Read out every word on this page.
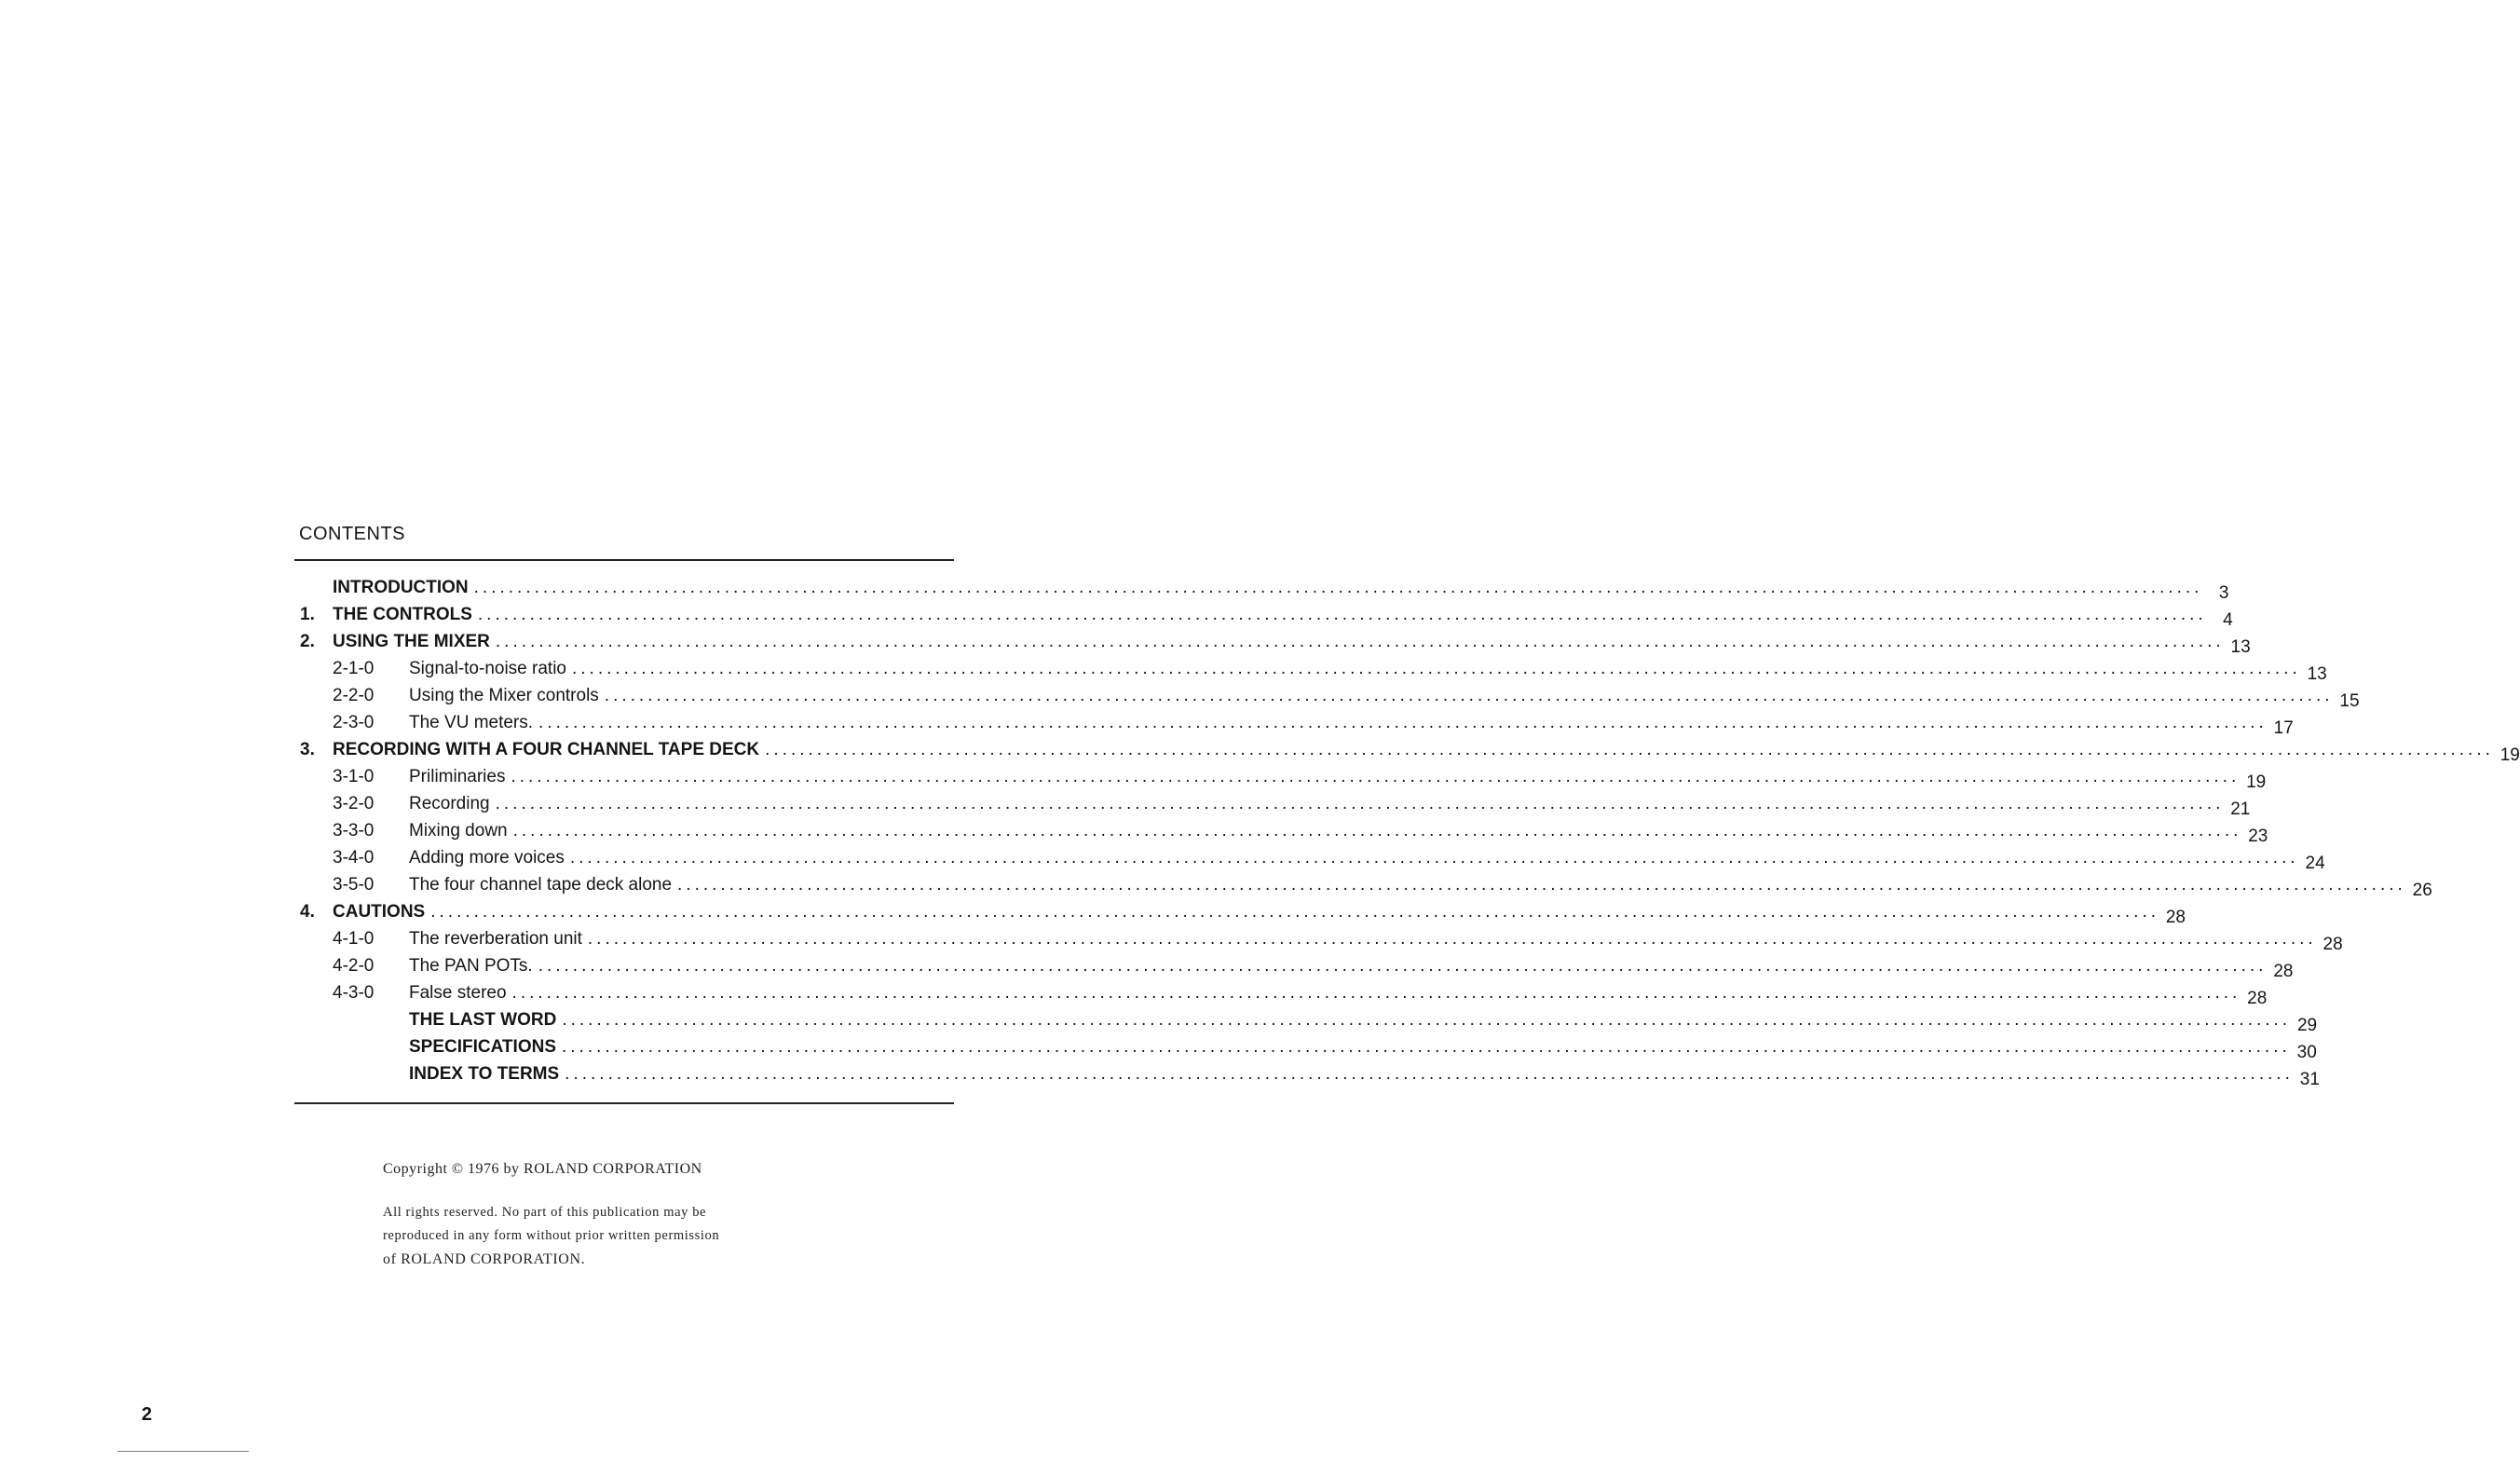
CONTENTS
INTRODUCTION ........................................................................................................................................................................................................ 3
1. THE CONTROLS ........................................................................................................................................................................................................ 4
2. USING THE MIXER ........................................................................................................................................................................................................ 13
2-1-0 Signal-to-noise ratio ........................................................................................................................................................................................................ 13
2-2-0 Using the Mixer controls ........................................................................................................................................................................................................ 15
2-3-0 The VU meters. ........................................................................................................................................................................................................ 17
3. RECORDING WITH A FOUR CHANNEL TAPE DECK ........................................................................................................................................................................................................ 19
3-1-0 Priliminaries ........................................................................................................................................................................................................ 19
3-2-0 Recording ........................................................................................................................................................................................................ 21
3-3-0 Mixing down ........................................................................................................................................................................................................ 23
3-4-0 Adding more voices ........................................................................................................................................................................................................ 24
3-5-0 The four channel tape deck alone ........................................................................................................................................................................................................ 26
4. CAUTIONS ........................................................................................................................................................................................................ 28
4-1-0 The reverberation unit ........................................................................................................................................................................................................ 28
4-2-0 The PAN POTs. ........................................................................................................................................................................................................ 28
4-3-0 False stereo ........................................................................................................................................................................................................ 28
THE LAST WORD ........................................................................................................................................................................................................ 29
SPECIFICATIONS ........................................................................................................................................................................................................ 30
INDEX TO TERMS ........................................................................................................................................................................................................ 31
Copyright © 1976 by ROLAND CORPORATION
All rights reserved. No part of this publication may be
reproduced in any form without prior written permission
of ROLAND CORPORATION.
2
